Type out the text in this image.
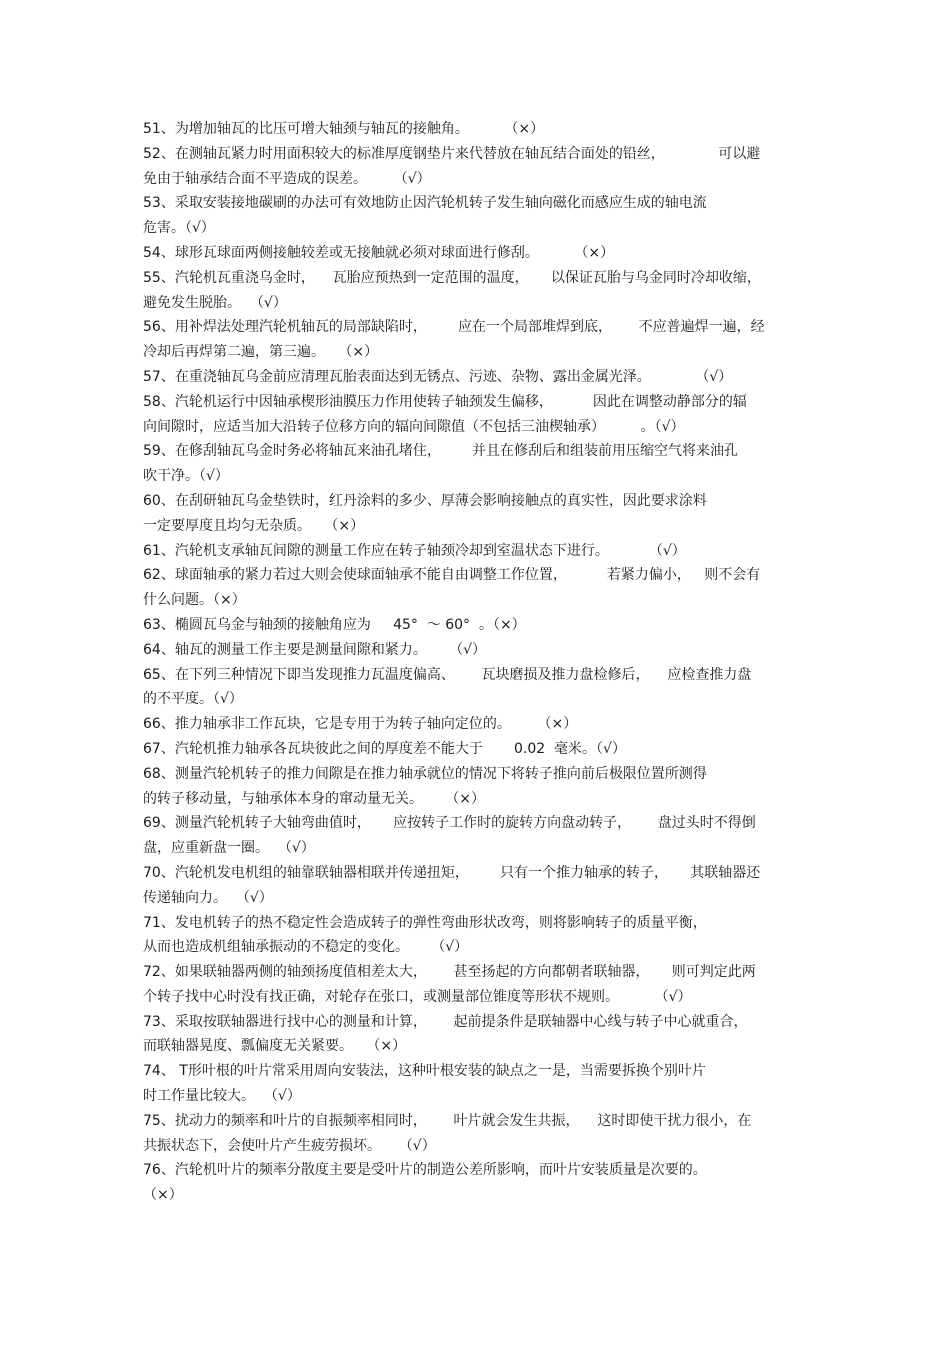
51、为增加轴瓦的比压可增大轴颈与轴瓦的接触角。        （×）
52、在测轴瓦紧力时用面积较大的标准厚度钢垫片来代替放在轴瓦结合面处的铅丝，            可以避
免由于轴承结合面不平造成的误差。      （√）
53、采取安装接地碳刷的办法可有效地防止因汽轮机转子发生轴向磁化而感应生成的轴电流
危害。（√）
54、球形瓦球面两侧接触较差或无接触就必须对球面进行修刮。        （×）
55、汽轮机瓦重浇乌金时，    瓦胎应预热到一定范围的温度，     以保证瓦胎与乌金同时冷却收缩，
避免发生脱胎。  （√）
56、用补焊法处理汽轮机轴瓦的局部缺陷时，       应在一个局部堆焊到底，      不应普遍焊一遍，经
冷却后再焊第二遍，第三遍。   （×）
57、在重浇轴瓦乌金前应清理瓦胎表面达到无锈点、污迹、杂物、露出金属光泽。          （√）
58、汽轮机运行中因轴承楔形油膜压力作用使转子轴颈发生偏移，         因此在调整动静部分的辐
向间隙时，应适当加大沿转子位移方向的辐向间隙值（不包括三油楔轴承）        。（√）
59、在修刮轴瓦乌金时务必将轴瓦来油孔堵住，       并且在修刮后和组装前用压缩空气将来油孔
吹干净。（√）
60、在刮研轴瓦乌金垫铁时，红丹涂料的多少、厚薄会影响接触点的真实性，因此要求涂料
一定要厚度且均匀无杂质。   （×）
61、汽轮机支承轴瓦间隙的测量工作应在转子轴颈冷却到室温状态下进行。         （√）
62、球面轴承的紧力若过大则会使球面轴承不能自由调整工作位置，         若紧力偏小，   则不会有
什么问题。（×）
63、椭圆瓦乌金与轴颈的接触角应为     45°  ～ 60°  。（×）
64、轴瓦的测量工作主要是测量间隙和紧力。     （√）
65、在下列三种情况下即当发现推力瓦温度偏高、      瓦块磨损及推力盘检修后，    应检查推力盘
的不平度。（√）
66、推力轴承非工作瓦块，它是专用于为转子轴向定位的。      （×）
67、汽轮机推力轴承各瓦块彼此之间的厚度差不能大于       0.02  毫米。（√）
68、测量汽轮机转子的推力间隙是在推力轴承就位的情况下将转子推向前后极限位置所测得
的转子移动量，与轴承体本身的窜动量无关。     （×）
69、测量汽轮机转子大轴弯曲值时，     应按转子工作时的旋转方向盘动转子，      盘过头时不得倒
盘，应重新盘一圈。  （√）
70、汽轮机发电机组的轴靠联轴器相联并传递扭矩，       只有一个推力轴承的转子，     其联轴器还
传递轴向力。  （√）
71、发电机转子的热不稳定性会造成转子的弹性弯曲形状改弯，则将影响转子的质量平衡，
从而也造成机组轴承振动的不稳定的变化。     （√）
72、如果联轴器两侧的轴颈扬度值相差太大，      甚至扬起的方向都朝者联轴器，     则可判定此两
个转子找中心时没有找正确，对轮存在张口，或测量部位锥度等形状不规则。        （√）
73、采取按联轴器进行找中心的测量和计算，      起前提条件是联轴器中心线与转子中心就重合，
而联轴器晃度、瓢偏度无关紧要。   （×）
74、 T形叶根的叶片常采用周向安装法，这种叶根安装的缺点之一是，当需要拆换个别叶片
时工作量比较大。  （√）
75、扰动力的频率和叶片的自振频率相同时，      叶片就会发生共振，    这时即使干扰力很小，在
共振状态下，会使叶片产生疲劳损坏。    （√）
76、汽轮机叶片的频率分散度主要是受叶片的制造公差所影响，而叶片安装质量是次要的。
（×）
